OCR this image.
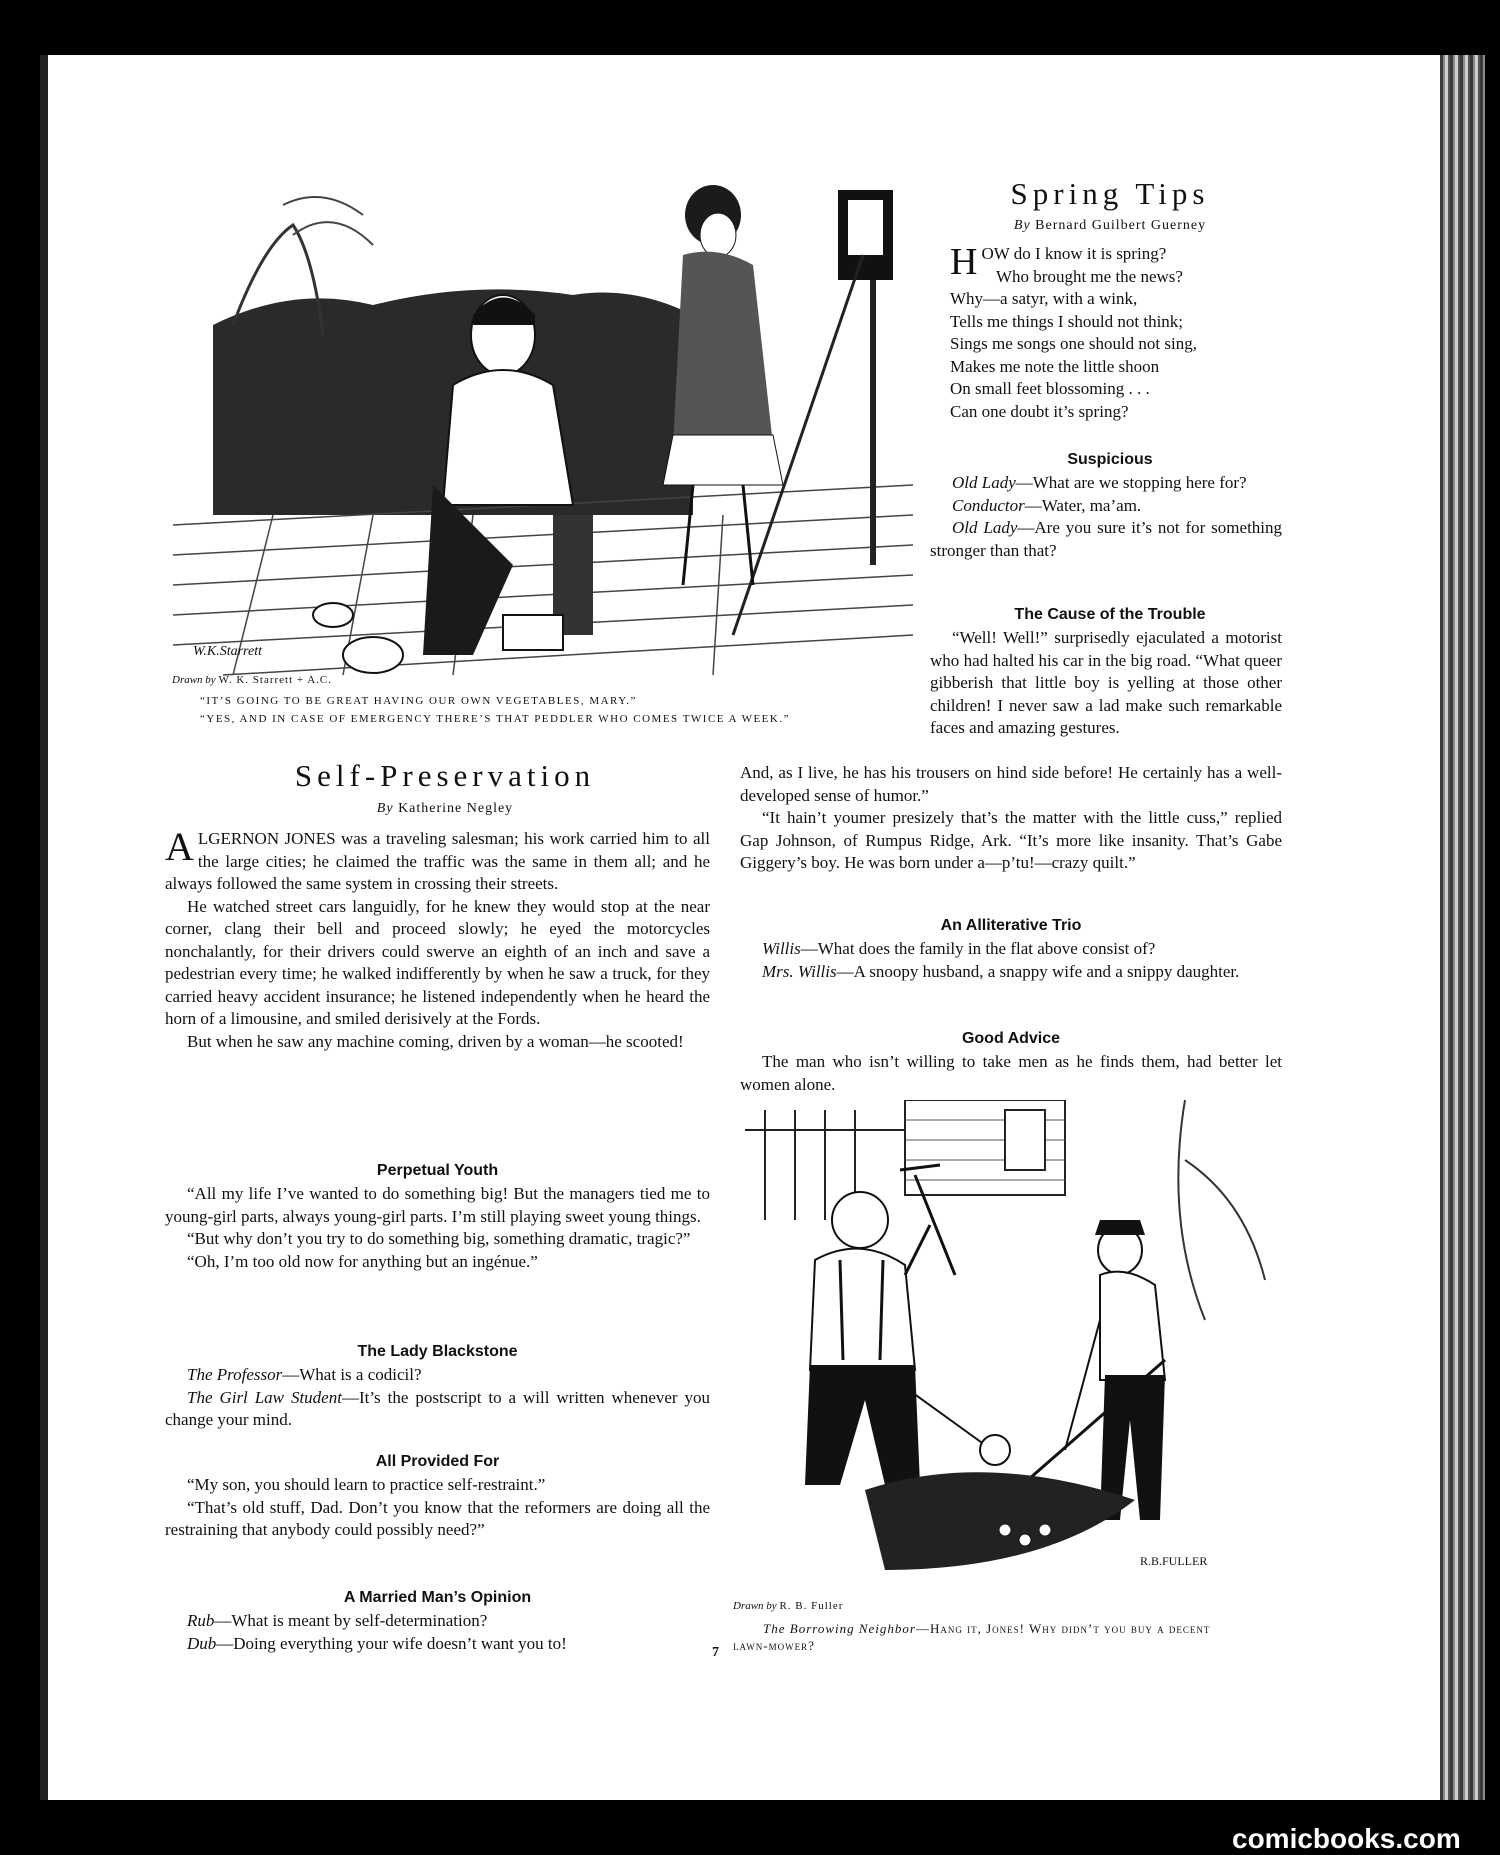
W.K.Starrett
Drawn by W. K. Starrett + A.C.
“IT’S GOING TO BE GREAT HAVING OUR OWN VEGETABLES, MARY.”
“YES, AND IN CASE OF EMERGENCY THERE’S THAT PEDDLER WHO COMES TWICE A WEEK.”
Spring Tips
By Bernard Guilbert Guerney
HOW do I know it is spring?
Who brought me the news?
Why—a satyr, with a wink,
Tells me things I should not think;
Sings me songs one should not sing,
Makes me note the little shoon
On small feet blossoming . . .
Can one doubt it’s spring?
Suspicious

Old Lady—What are we stopping here for?

Conductor—Water, ma’am.

Old Lady—Are you sure it’s not for something stronger than that?

The Cause of the Trouble

“Well! Well!” surprisedly ejaculated a motorist who had halted his car in the big road. “What queer gibberish that little boy is yelling at those other children! I never saw a lad make such remarkable faces and amazing gestures.

And, as I live, he has his trousers on hind side before! He certainly has a well-developed sense of humor.”

“It hain’t youmer presizely that’s the matter with the little cuss,” replied Gap Johnson, of Rumpus Ridge, Ark. “It’s more like insanity. That’s Gabe Giggery’s boy. He was born under a—p’tu!—crazy quilt.”

An Alliterative Trio

Willis—What does the family in the flat above consist of?

Mrs. Willis—A snoopy husband, a snappy wife and a snippy daughter.

Good Advice

The man who isn’t willing to take men as he finds them, had better let women alone.

Self-Preservation
By Katherine Negley

ALGERNON JONES was a traveling salesman; his work carried him to all the large cities; he claimed the traffic was the same in them all; and he always followed the same system in crossing their streets.

He watched street cars languidly, for he knew they would stop at the near corner, clang their bell and proceed slowly; he eyed the motorcycles nonchalantly, for their drivers could swerve an eighth of an inch and save a pedestrian every time; he walked indifferently by when he saw a truck, for they carried heavy accident insurance; he listened independently when he heard the horn of a limousine, and smiled derisively at the Fords.

But when he saw any machine coming, driven by a woman—he scooted!

Perpetual Youth

“All my life I’ve wanted to do something big! But the managers tied me to young-girl parts, always young-girl parts. I’m still playing sweet young things.

“But why don’t you try to do something big, something dramatic, tragic?”

“Oh, I’m too old now for anything but an ingénue.”

The Lady Blackstone

The Professor—What is a codicil?

The Girl Law Student—It’s the postscript to a will written whenever you change your mind.

All Provided For

“My son, you should learn to practice self-restraint.”

“That’s old stuff, Dad. Don’t you know that the reformers are doing all the restraining that anybody could possibly need?”

A Married Man’s Opinion

Rub—What is meant by self-determination?

Dub—Doing everything your wife doesn’t want you to!

R.B.FULLER
Drawn by R. B. Fuller
The Borrowing Neighbor—Hang it, Jones! Why didn’t you buy a decent lawn-mower?
7
comicbooks.com
